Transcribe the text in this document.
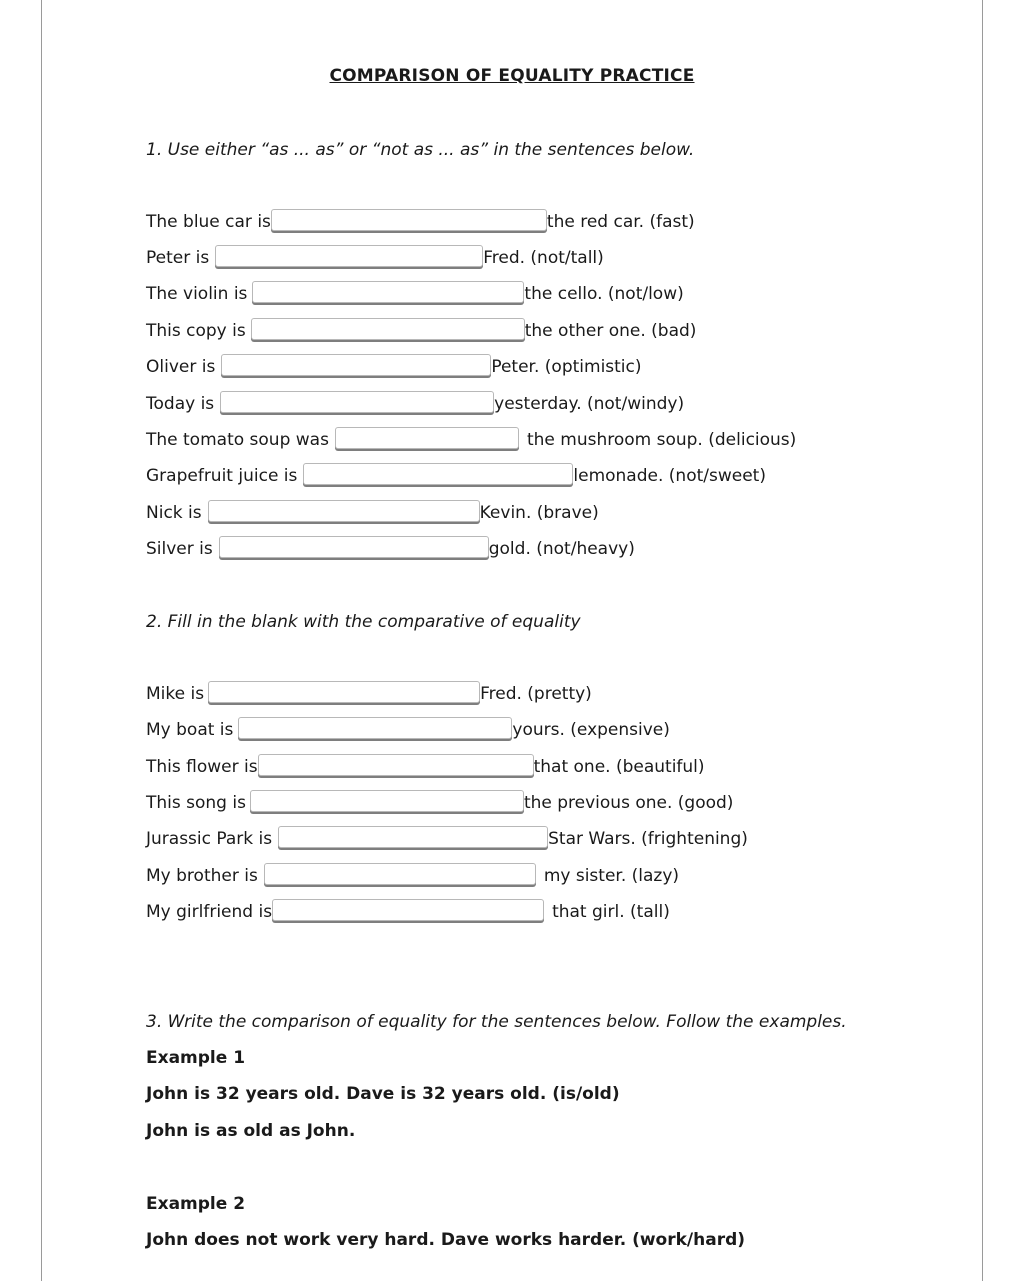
COMPARISON OF EQUALITY PRACTICE
1. Use either “as ... as” or “not as ... as” in the sentences below.
The blue car is	the red car. (fast)
Peter is	Fred. (not/tall)
The violin is	the cello. (not/low)
This copy is	the other one. (bad)
Oliver is	Peter. (optimistic)
Today is	yesterday. (not/windy)
The tomato soup was	the mushroom soup. (delicious)
Grapefruit juice is	lemonade. (not/sweet)
Nick is	Kevin. (brave)
Silver is	gold. (not/heavy)
2. Fill in the blank with the comparative of equality
Mike is	Fred. (pretty)
My boat is	yours. (expensive)
This flower is	that one. (beautiful)
This song is	the previous one. (good)
Jurassic Park is	Star Wars. (frightening)
My brother is	my sister. (lazy)
My girlfriend is	that girl. (tall)
3. Write the comparison of equality for the sentences below. Follow the examples.
Example 1
John is 32 years old. Dave is 32 years old. (is/old)
John is as old as John.
Example 2
John does not work very hard. Dave works harder. (work/hard)
